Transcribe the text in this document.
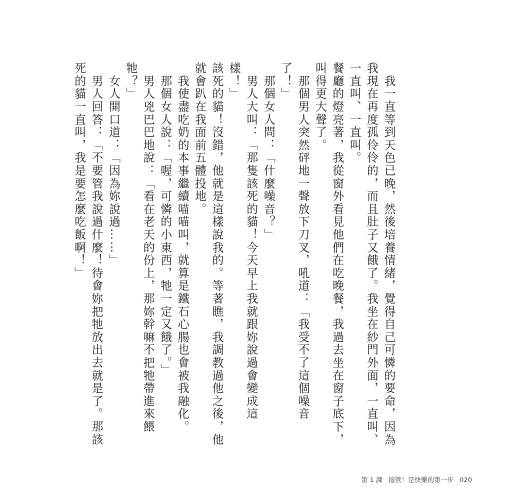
　我一直等到天色已晚，然後培養情緒，覺得自己可憐的要命，因為我現在再度孤伶伶的，而且肚子又餓了。我坐在紗門外面，一直叫、一直叫、一直叫。

餐廳的燈亮著，我從窗外看見他們在吃晚餐，我過去坐在窗子底下，叫得更大聲了。

　那個男人突然砰地一聲放下刀叉，吼道：「我受不了這個噪音了！」

　那個女人問：「什麼噪音？」

　男人大叫：「那隻該死的貓！今天早上我就跟妳說過會變成這樣！」

該死的貓！沒錯，他就是這樣說我的。等著瞧，我調教過他之後，他就會趴在我面前五體投地。

　我使盡吃奶的本事繼續喵喵叫，就算是鐵石心腸也會被我融化。

　那個女人說：「喔，可憐的小東西，牠一定又餓了。」

　男人兇巴巴地說：「看在老天的份上，那妳幹嘛不把牠帶進來餵牠？」

　女人開口道：「因為妳說過……」

　男人回答：「不要管我說過什麼！待會妳把牠放出去就是了。那該死的貓一直叫，我是要怎麼吃飯啊！」

第 1 課 接管！是快樂的第一步 020
